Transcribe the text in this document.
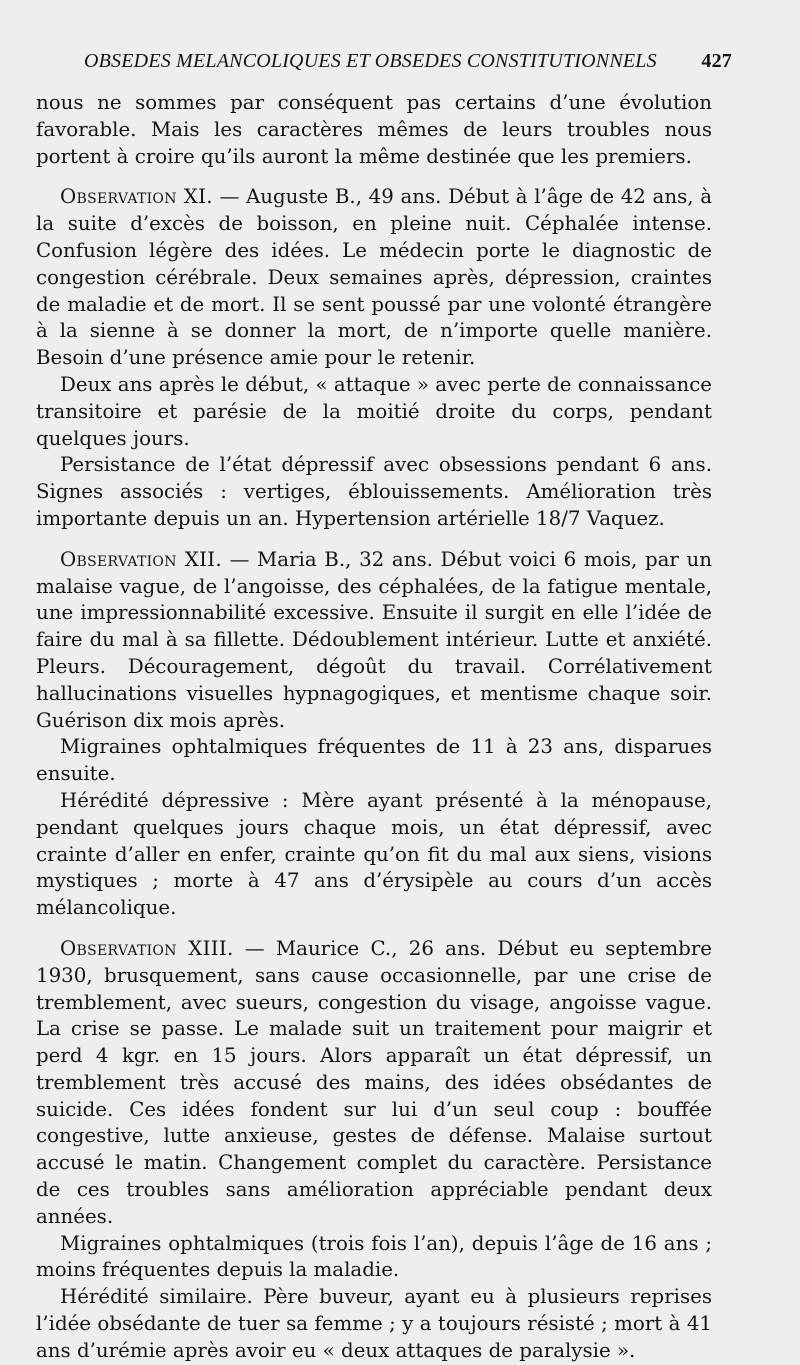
OBSEDES MELANCOLIQUES ET OBSEDES CONSTITUTIONNELS 427

nous ne sommes par conséquent pas certains d’une évolution favorable. Mais les caractères mêmes de leurs troubles nous portent à croire qu’ils auront la même destinée que les premiers.

Observation XI. — Auguste B., 49 ans. Début à l’âge de 42 ans, à la suite d’excès de boisson, en pleine nuit. Céphalée intense. Confusion légère des idées. Le médecin porte le diagnostic de congestion cérébrale. Deux semaines après, dépression, craintes de maladie et de mort. Il se sent poussé par une volonté étrangère à la sienne à se donner la mort, de n’importe quelle manière. Besoin d’une présence amie pour le retenir.

Deux ans après le début, « attaque » avec perte de connaissance transitoire et parésie de la moitié droite du corps, pendant quelques jours.

Persistance de l’état dépressif avec obsessions pendant 6 ans. Signes associés : vertiges, éblouissements. Amélioration très importante depuis un an. Hypertension artérielle 18/7 Vaquez.

Observation XII. — Maria B., 32 ans. Début voici 6 mois, par un malaise vague, de l’angoisse, des céphalées, de la fatigue mentale, une impressionnabilité excessive. Ensuite il surgit en elle l’idée de faire du mal à sa fillette. Dédoublement intérieur. Lutte et anxiété. Pleurs. Découragement, dégoût du travail. Corrélativement hallucinations visuelles hypnagogiques, et mentisme chaque soir. Guérison dix mois après.

Migraines ophtalmiques fréquentes de 11 à 23 ans, disparues ensuite.

Hérédité dépressive : Mère ayant présenté à la ménopause, pendant quelques jours chaque mois, un état dépressif, avec crainte d’aller en enfer, crainte qu’on fit du mal aux siens, visions mystiques ; morte à 47 ans d’érysipèle au cours d’un accès mélancolique.

Observation XIII. — Maurice C., 26 ans. Début eu septembre 1930, brusquement, sans cause occasionnelle, par une crise de tremblement, avec sueurs, congestion du visage, angoisse vague. La crise se passe. Le malade suit un traitement pour maigrir et perd 4 kgr. en 15 jours. Alors apparaît un état dépressif, un tremblement très accusé des mains, des idées obsédantes de suicide. Ces idées fondent sur lui d’un seul coup : bouffée congestive, lutte anxieuse, gestes de défense. Malaise surtout accusé le matin. Changement complet du caractère. Persistance de ces troubles sans amélioration appréciable pendant deux années.

Migraines ophtalmiques (trois fois l’an), depuis l’âge de 16 ans ; moins fréquentes depuis la maladie.

Hérédité similaire. Père buveur, ayant eu à plusieurs reprises l’idée obsédante de tuer sa femme ; y a toujours résisté ; mort à 41 ans d’urémie après avoir eu « deux attaques de paralysie ».
